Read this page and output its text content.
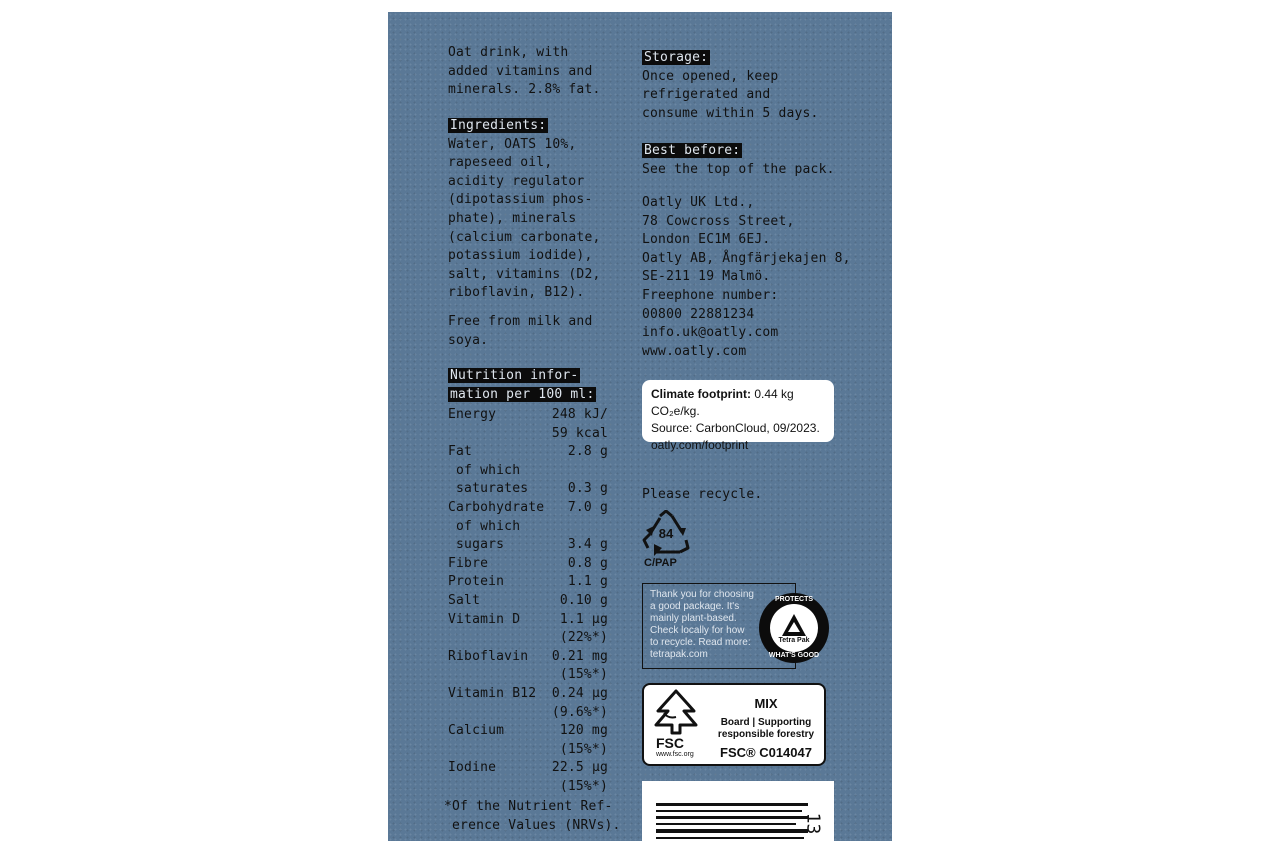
Oat drink, with
added vitamins and
minerals. 2.8% fat.
Ingredients:
Water, OATS 10%,
rapeseed oil,
acidity regulator
(dipotassium phos-
phate), minerals
(calcium carbonate,
potassium iodide),
salt, vitamins (D2,
riboflavin, B12).
Free from milk and
soya.
Nutrition infor-
mation per 100 ml:
Energy	248 kJ/
59 kcal
Fat	2.8 g
of which
saturates	0.3 g
Carbohydrate 7.0 g
of which
sugars	3.4 g
Fibre	0.8 g
Protein	1.1 g
Salt	0.10 g
Vitamin D	1.1 µg
(22%*)
Riboflavin 0.21 mg
(15%*)
Vitamin B12 0.24 µg
(9.6%*)
Calcium	120 mg
(15%*)
Iodine	22.5 µg
(15%*)
*Of the Nutrient Ref-
erence Values (NRVs).
Storage:
Once opened, keep
refrigerated and
consume within 5 days.
Best before:
See the top of the pack.
Oatly UK Ltd.,
78 Cowcross Street,
London EC1M 6EJ.
Oatly AB, Ångfärjekajen 8,
SE-211 19 Malmö.
Freephone number:
00800 22881234
info.uk@oatly.com
www.oatly.com
Climate footprint: 0.44 kg CO₂e/kg.
Source: CarbonCloud, 09/2023.
oatly.com/footprint
Please recycle.
84
C/PAP
Thank you for choosing
a good package. It's
mainly plant-based.
Check locally for how
to recycle. Read more:
tetrapak.com
PROTECTS
Tetra Pak
WHAT'S GOOD
FSC
www.fsc.org
MIX
Board | Supporting
responsible forestry
FSC® C014047
13
